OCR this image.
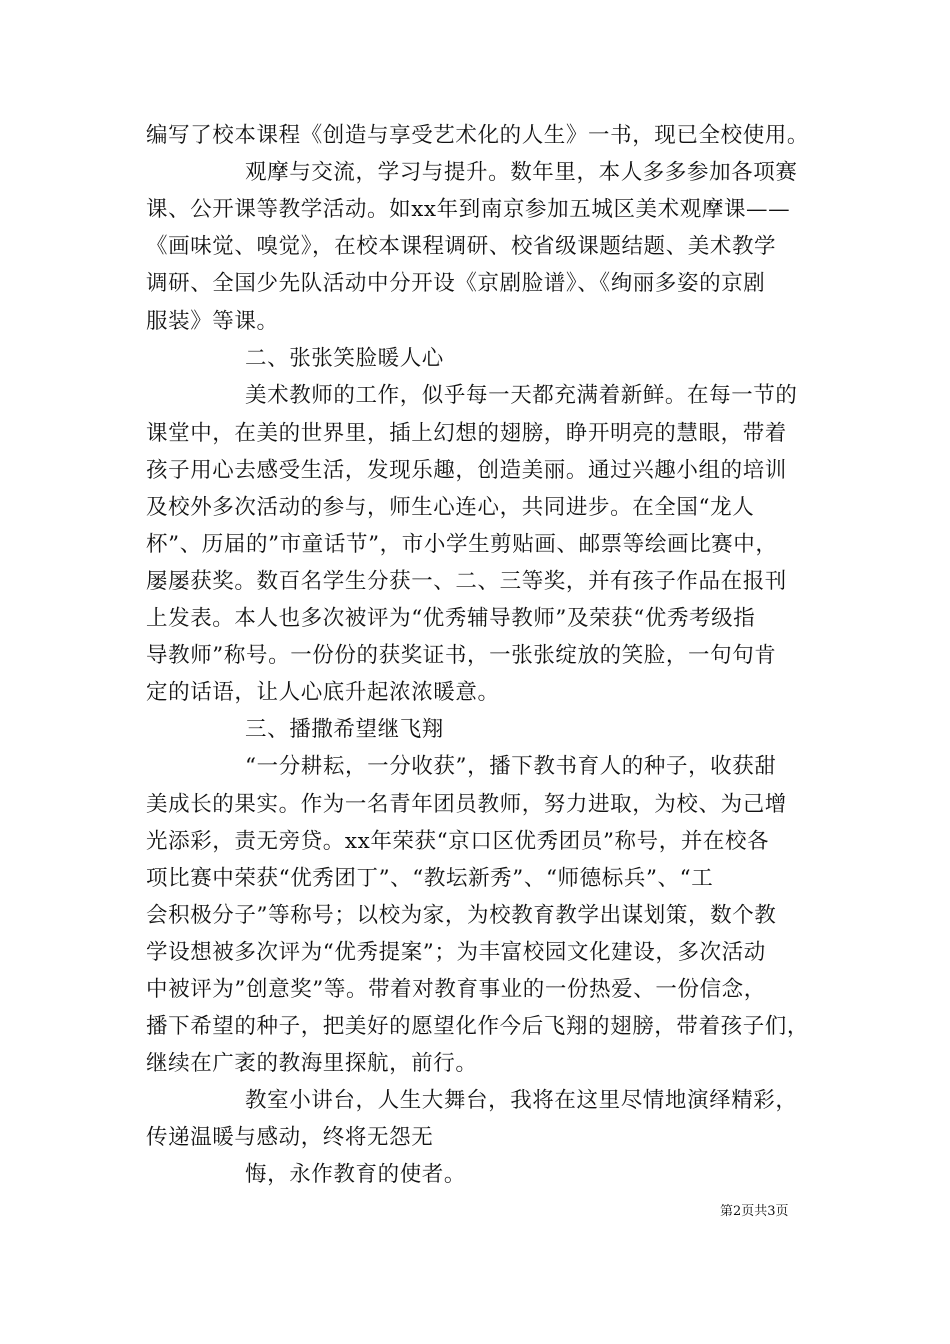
编写了校本课程《创造与享受艺术化的人生》一书，现已全校使用。
观摩与交流，学习与提升。数年里，本人多多参加各项赛
课、公开课等教学活动。如xx年到南京参加五城区美术观摩课——
《画味觉、嗅觉》，在校本课程调研、校省级课题结题、美术教学
调研、全国少先队活动中分开设《京剧脸谱》、《绚丽多姿的京剧
服装》等课。
二、张张笑脸暖人心
美术教师的工作，似乎每一天都充满着新鲜。在每一节的
课堂中，在美的世界里，插上幻想的翅膀，睁开明亮的慧眼，带着
孩子用心去感受生活，发现乐趣，创造美丽。通过兴趣小组的培训
及校外多次活动的参与，师生心连心，共同进步。在全国“龙人
杯”、历届的”市童话节”，市小学生剪贴画、邮票等绘画比赛中，
屡屡获奖。数百名学生分获一、二、三等奖，并有孩子作品在报刊
上发表。本人也多次被评为“优秀辅导教师”及荣获“优秀考级指
导教师”称号。一份份的获奖证书，一张张绽放的笑脸，一句句肯
定的话语，让人心底升起浓浓暖意。
三、播撒希望继飞翔
“一分耕耘，一分收获”，播下教书育人的种子，收获甜
美成长的果实。作为一名青年团员教师，努力进取，为校、为己增
光添彩，责无旁贷。xx年荣获“京口区优秀团员”称号，并在校各
项比赛中荣获“优秀团丁”、“教坛新秀”、“师德标兵”、“工
会积极分子”等称号；以校为家，为校教育教学出谋划策，数个教
学设想被多次评为“优秀提案”；为丰富校园文化建设，多次活动
中被评为”创意奖”等。带着对教育事业的一份热爱、一份信念，
播下希望的种子，把美好的愿望化作今后飞翔的翅膀，带着孩子们，
继续在广袤的教海里探航，前行。
教室小讲台，人生大舞台，我将在这里尽情地演绎精彩，
传递温暖与感动，终将无怨无
悔，永作教育的使者。
第2页共3页
